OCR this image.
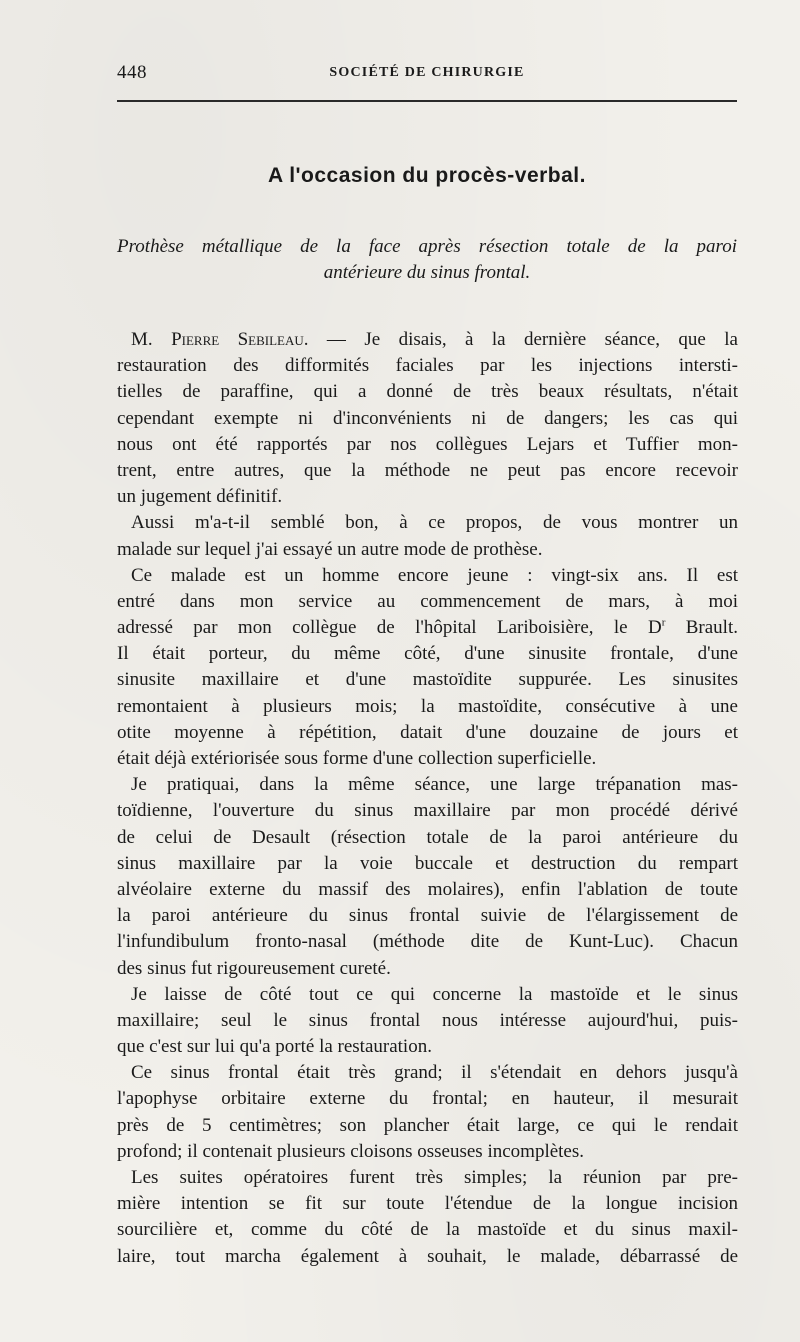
448	SOCIÉTÉ DE CHIRURGIE
A l'occasion du procès-verbal.
Prothèse métallique de la face après résection totale de la paroi
antérieure du sinus frontal.
M. Pierre Sebileau. — Je disais, à la dernière séance, que la
restauration des difformités faciales par les injections intersti-
tielles de paraffine, qui a donné de très beaux résultats, n'était
cependant exempte ni d'inconvénients ni de dangers; les cas qui
nous ont été rapportés par nos collègues Lejars et Tuffier mon-
trent, entre autres, que la méthode ne peut pas encore recevoir
un jugement définitif.
Aussi m'a-t-il semblé bon, à ce propos, de vous montrer un
malade sur lequel j'ai essayé un autre mode de prothèse.
Ce malade est un homme encore jeune : vingt-six ans. Il est
entré dans mon service au commencement de mars, à moi
adressé par mon collègue de l'hôpital Lariboisière, le $D^r$ Brault.
Il était porteur, du même côté, d'une sinusite frontale, d'une
sinusite maxillaire et d'une mastoïdite suppurée. Les sinusites
remontaient à plusieurs mois; la mastoïdite, consécutive à une
otite moyenne à répétition, datait d'une douzaine de jours et
était déjà extériorisée sous forme d'une collection superficielle.
Je pratiquai, dans la même séance, une large trépanation mas-
toïdienne, l'ouverture du sinus maxillaire par mon procédé dérivé
de celui de Desault (résection totale de la paroi antérieure du
sinus maxillaire par la voie buccale et destruction du rempart
alvéolaire externe du massif des molaires), enfin l'ablation de toute
la paroi antérieure du sinus frontal suivie de l'élargissement de
l'infundibulum fronto-nasal (méthode dite de Kunt-Luc). Chacun
des sinus fut rigoureusement cureté.
Je laisse de côté tout ce qui concerne la mastoïde et le sinus
maxillaire; seul le sinus frontal nous intéresse aujourd'hui, puis-
que c'est sur lui qu'a porté la restauration.
Ce sinus frontal était très grand; il s'étendait en dehors jusqu'à
l'apophyse orbitaire externe du frontal; en hauteur, il mesurait
près de 5 centimètres; son plancher était large, ce qui le rendait
profond; il contenait plusieurs cloisons osseuses incomplètes.
Les suites opératoires furent très simples; la réunion par pre-
mière intention se fit sur toute l'étendue de la longue incision
sourcilière et, comme du côté de la mastoïde et du sinus maxil-
laire, tout marcha également à souhait, le malade, débarrassé de
